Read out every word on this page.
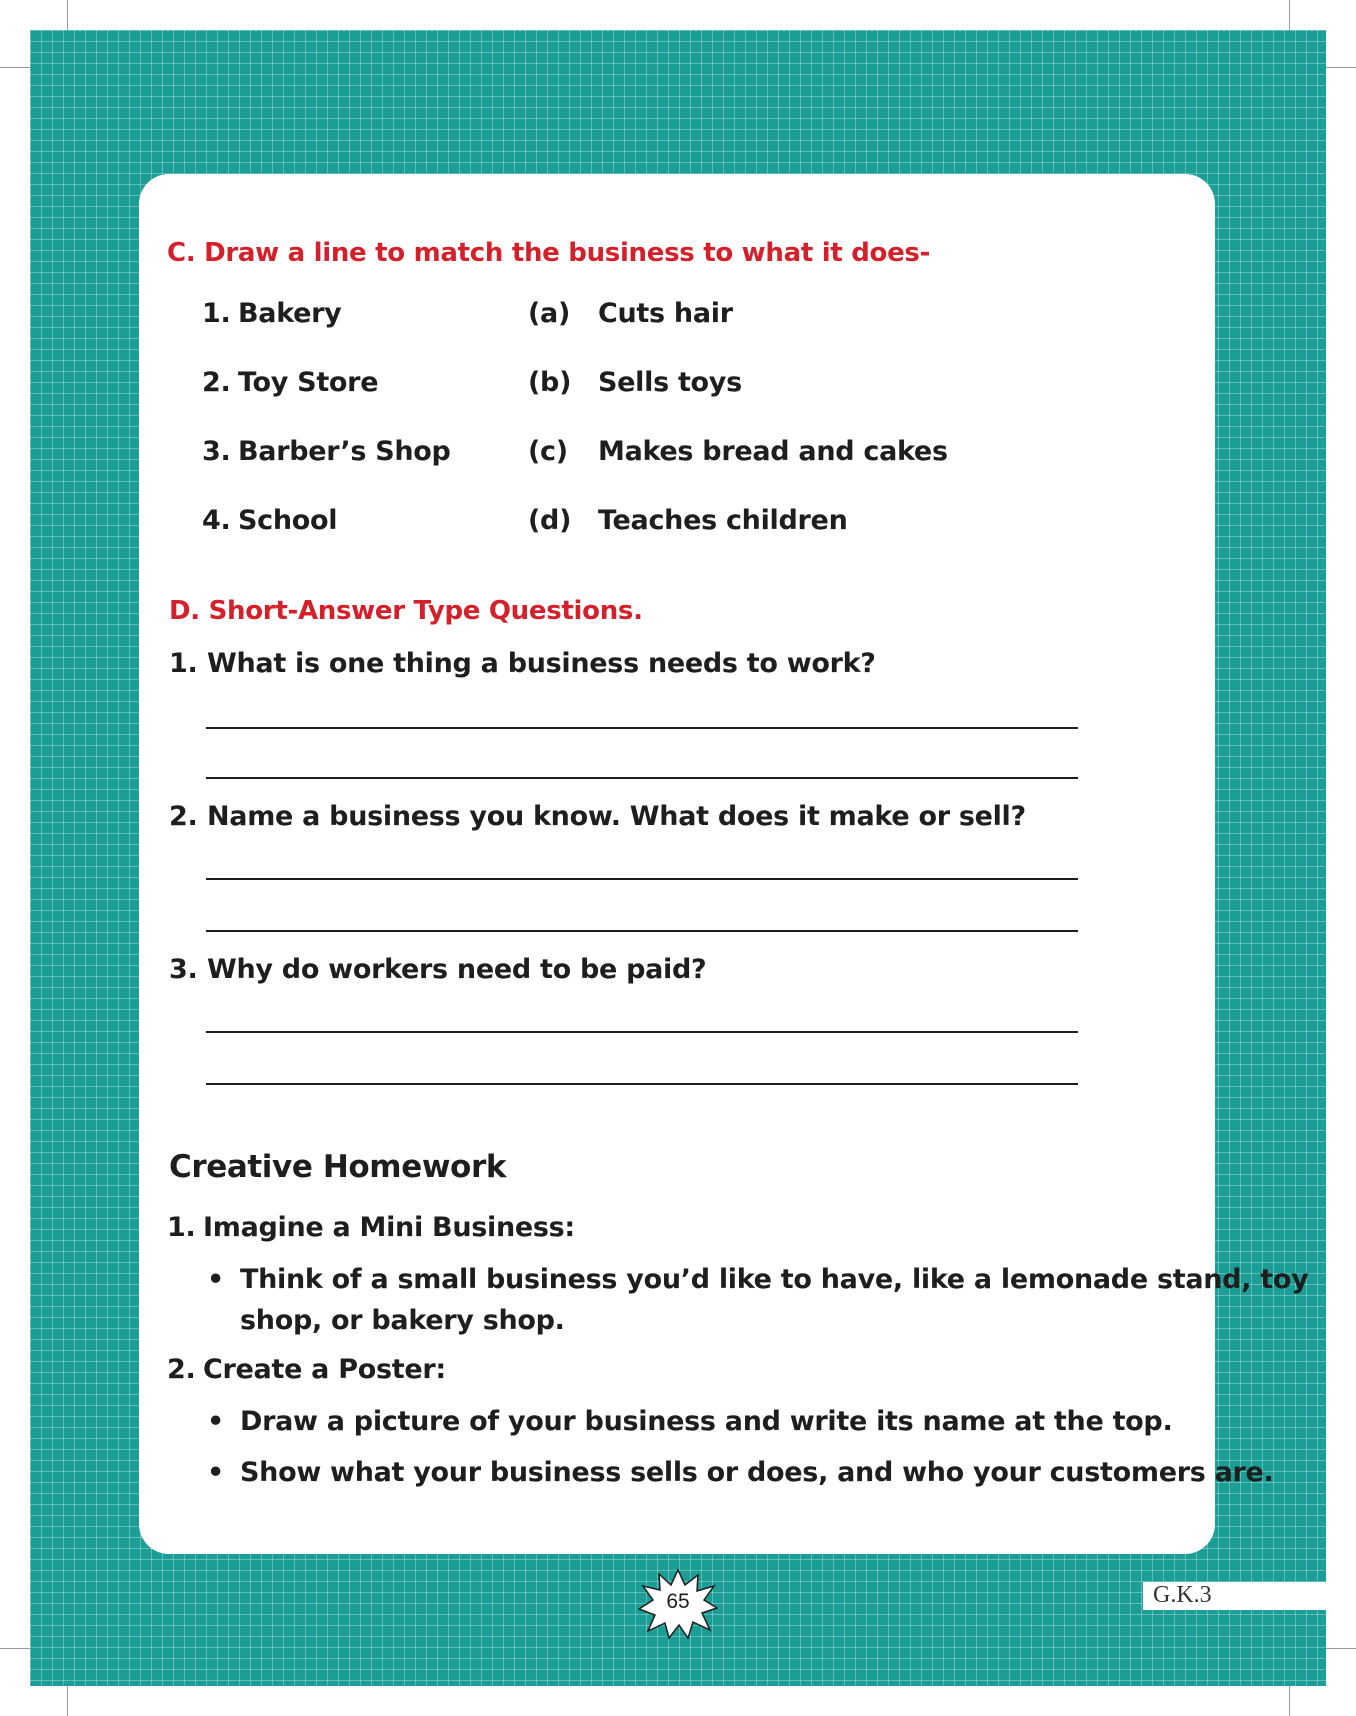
C. Draw a line to match the business to what it does-
1. Bakery	(a) Cuts hair
2. Toy Store	(b) Sells toys
3. Barber’s Shop	(c) Makes bread and cakes
4. School	(d) Teaches children
D. Short-Answer Type Questions.
1. What is one thing a business needs to work?
2. Name a business you know. What does it make or sell?
3. Why do workers need to be paid?
Creative Homework
1. Imagine a Mini Business:
• Think of a small business you’d like to have, like a lemonade stand, toy
shop, or bakery shop.
2. Create a Poster:
• Draw a picture of your business and write its name at the top.
• Show what your business sells or does, and who your customers are.
65	G.K.3
